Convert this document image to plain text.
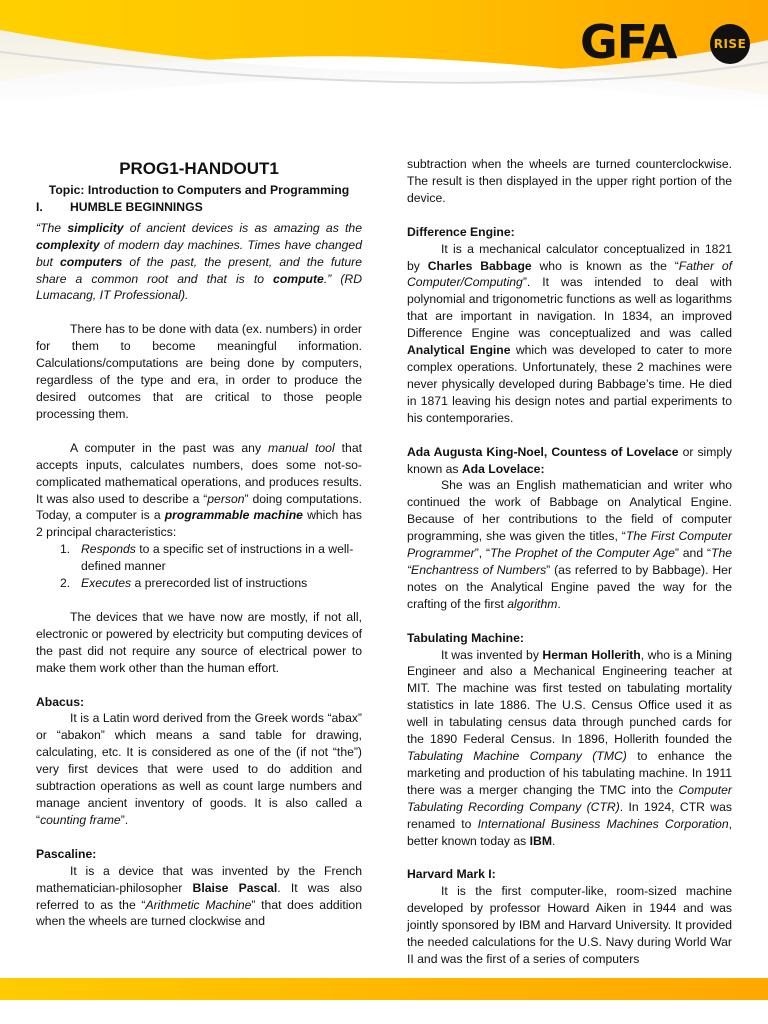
GFA	RISE

PROG1-HANDOUT1

Topic: Introduction to Computers and Programming

I.	HUMBLE BEGINNINGS

“The simplicity of ancient devices is as amazing as the complexity of modern day machines. Times have changed but computers of the past, the present, and the future share a common root and that is to compute.” (RD Lumacang, IT Professional).

There has to be done with data (ex. numbers) in order for them to become meaningful information. Calculations/computations are being done by computers, regardless of the type and era, in order to produce the desired outcomes that are critical to those people processing them.

A computer in the past was any manual tool that accepts inputs, calculates numbers, does some not-so-complicated mathematical operations, and produces results. It was also used to describe a “person” doing computations. Today, a computer is a programmable machine which has 2 principal characteristics:

1. Responds to a specific set of instructions in a well-defined manner
2. Executes a prerecorded list of instructions

The devices that we have now are mostly, if not all, electronic or powered by electricity but computing devices of the past did not require any source of electrical power to make them work other than the human effort.

Abacus:

It is a Latin word derived from the Greek words “abax” or “abakon” which means a sand table for drawing, calculating, etc. It is considered as one of the (if not “the”) very first devices that were used to do addition and subtraction operations as well as count large numbers and manage ancient inventory of goods. It is also called a “counting frame”.

Pascaline:

It is a device that was invented by the French mathematician-philosopher Blaise Pascal. It was also referred to as the “Arithmetic Machine” that does addition when the wheels are turned clockwise and

subtraction when the wheels are turned counterclockwise. The result is then displayed in the upper right portion of the device.

Difference Engine:

It is a mechanical calculator conceptualized in 1821 by Charles Babbage who is known as the “Father of Computer/Computing”. It was intended to deal with polynomial and trigonometric functions as well as logarithms that are important in navigation. In 1834, an improved Difference Engine was conceptualized and was called Analytical Engine which was developed to cater to more complex operations. Unfortunately, these 2 machines were never physically developed during Babbage’s time. He died in 1871 leaving his design notes and partial experiments to his contemporaries.

Ada Augusta King-Noel, Countess of Lovelace or simply known as Ada Lovelace:

She was an English mathematician and writer who continued the work of Babbage on Analytical Engine. Because of her contributions to the field of computer programming, she was given the titles, “The First Computer Programmer”, “The Prophet of the Computer Age” and “The “Enchantress of Numbers” (as referred to by Babbage). Her notes on the Analytical Engine paved the way for the crafting of the first algorithm.

Tabulating Machine:

It was invented by Herman Hollerith, who is a Mining Engineer and also a Mechanical Engineering teacher at MIT. The machine was first tested on tabulating mortality statistics in late 1886. The U.S. Census Office used it as well in tabulating census data through punched cards for the 1890 Federal Census. In 1896, Hollerith founded the Tabulating Machine Company (TMC) to enhance the marketing and production of his tabulating machine. In 1911 there was a merger changing the TMC into the Computer Tabulating Recording Company (CTR). In 1924, CTR was renamed to International Business Machines Corporation, better known today as IBM.

Harvard Mark I:

It is the first computer-like, room-sized machine developed by professor Howard Aiken in 1944 and was jointly sponsored by IBM and Harvard University. It provided the needed calculations for the U.S. Navy during World War II and was the first of a series of computers
